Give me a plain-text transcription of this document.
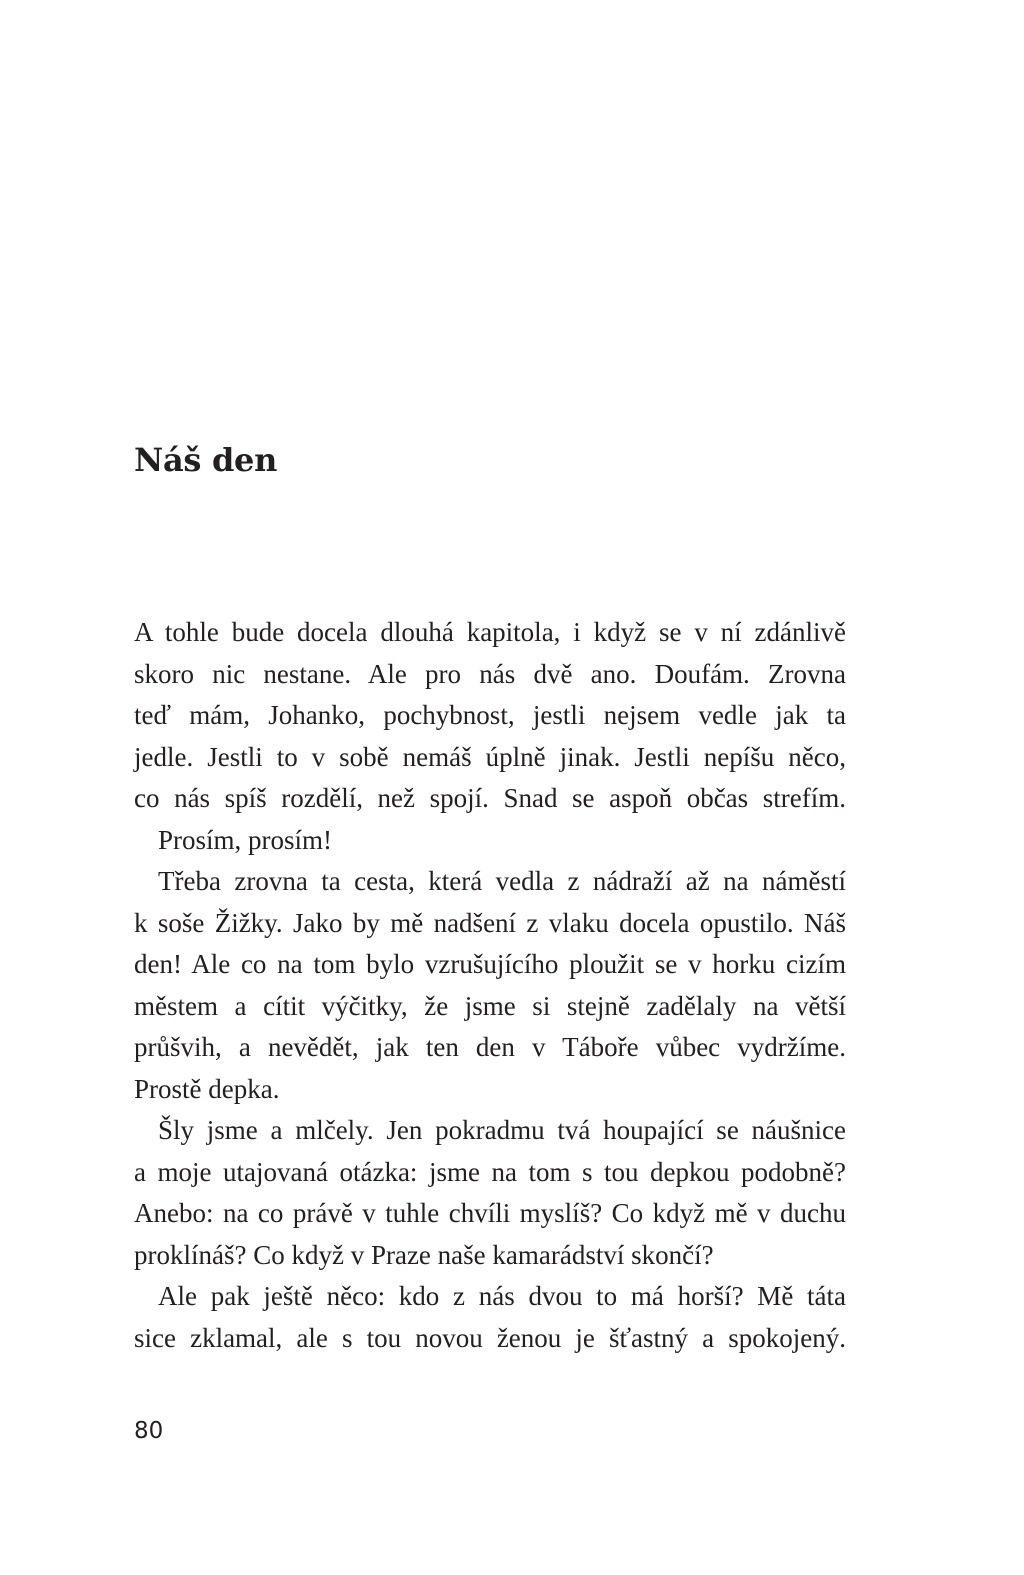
Náš den
A tohle bude docela dlouhá kapitola, i když se v ní zdánlivě
skoro nic nestane. Ale pro nás dvě ano. Doufám. Zrovna
teď mám, Johanko, pochybnost, jestli nejsem vedle jak ta
jedle. Jestli to v sobě nemáš úplně jinak. Jestli nepíšu něco,
co nás spíš rozdělí, než spojí. Snad se aspoň občas strefím.
Prosím, prosím!
Třeba zrovna ta cesta, která vedla z nádraží až na náměstí
k soše Žižky. Jako by mě nadšení z vlaku docela opustilo. Náš
den! Ale co na tom bylo vzrušujícího ploužit se v horku cizím
městem a cítit výčitky, že jsme si stejně zadělaly na větší
průšvih, a nevědět, jak ten den v Táboře vůbec vydržíme.
Prostě depka.
Šly jsme a mlčely. Jen pokradmu tvá houpající se náušnice
a moje utajovaná otázka: jsme na tom s tou depkou podobně?
Anebo: na co právě v tuhle chvíli myslíš? Co když mě v duchu
proklínáš? Co když v Praze naše kamarádství skončí?
Ale pak ještě něco: kdo z nás dvou to má horší? Mě táta
sice zklamal, ale s tou novou ženou je šťastný a spokojený.
80
